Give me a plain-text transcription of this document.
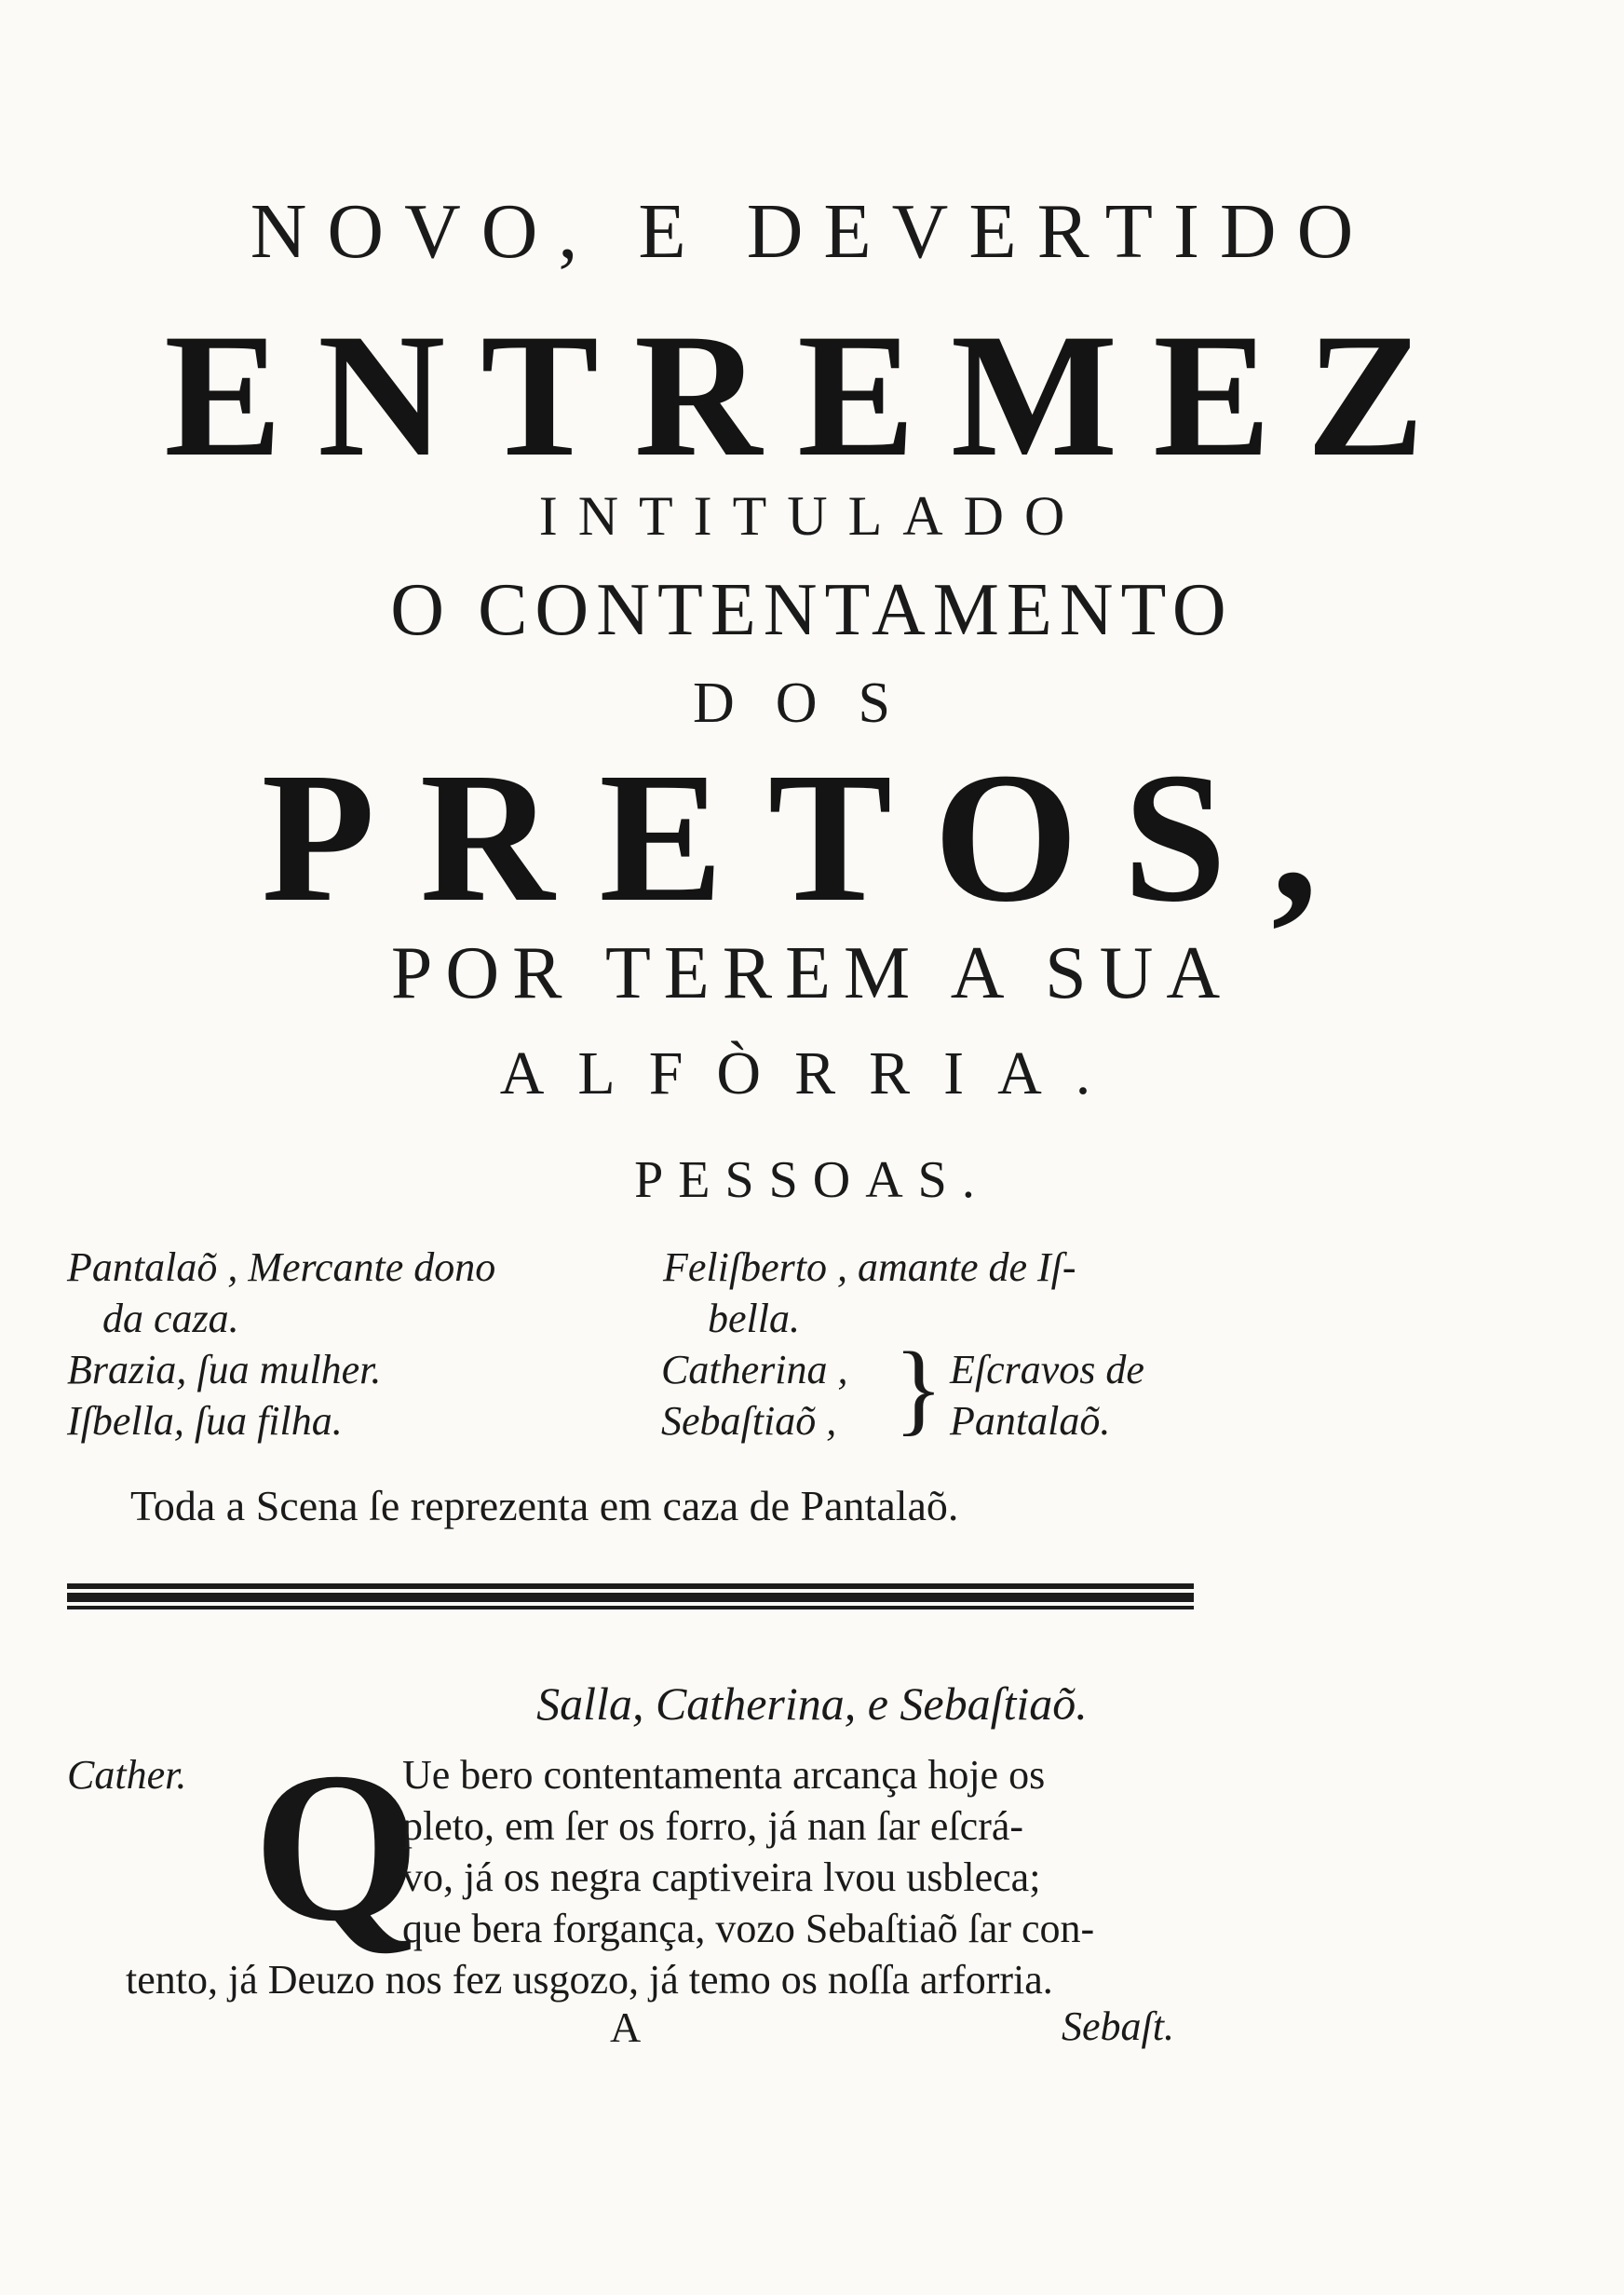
NOVO, E DEVERTIDO
ENTREMEZ
INTITULADO
O CONTENTAMENTO
DOS
PRETOS,
POR TEREM A SUA
ALFÒRRIA.
PESSOAS.
Pantalaõ , Mercante dono
da caza.
Brazia, ſua mulher.
Iſbella, ſua filha.
Feliſberto , amante de Iſ-
bella.
Catherina ,
Sebaſtiaõ , } Eſcravos de
Pantalaõ.
Toda a Scena ſe reprezenta em caza de Pantalaõ.
Salla, Catherina, e Sebaſtiaõ.
Cather. Q
Ue bero contentamenta arcança hoje os
pleto, em ſer os forro, já nan ſar eſcrá-
vo, já os negra captiveira lvou usbleca;
que bera forgança, vozo Sebaſtiaõ ſar con-
tento, já Deuzo nos fez usgozo, já temo os noſſa arforria.
A	Sebaſt.
